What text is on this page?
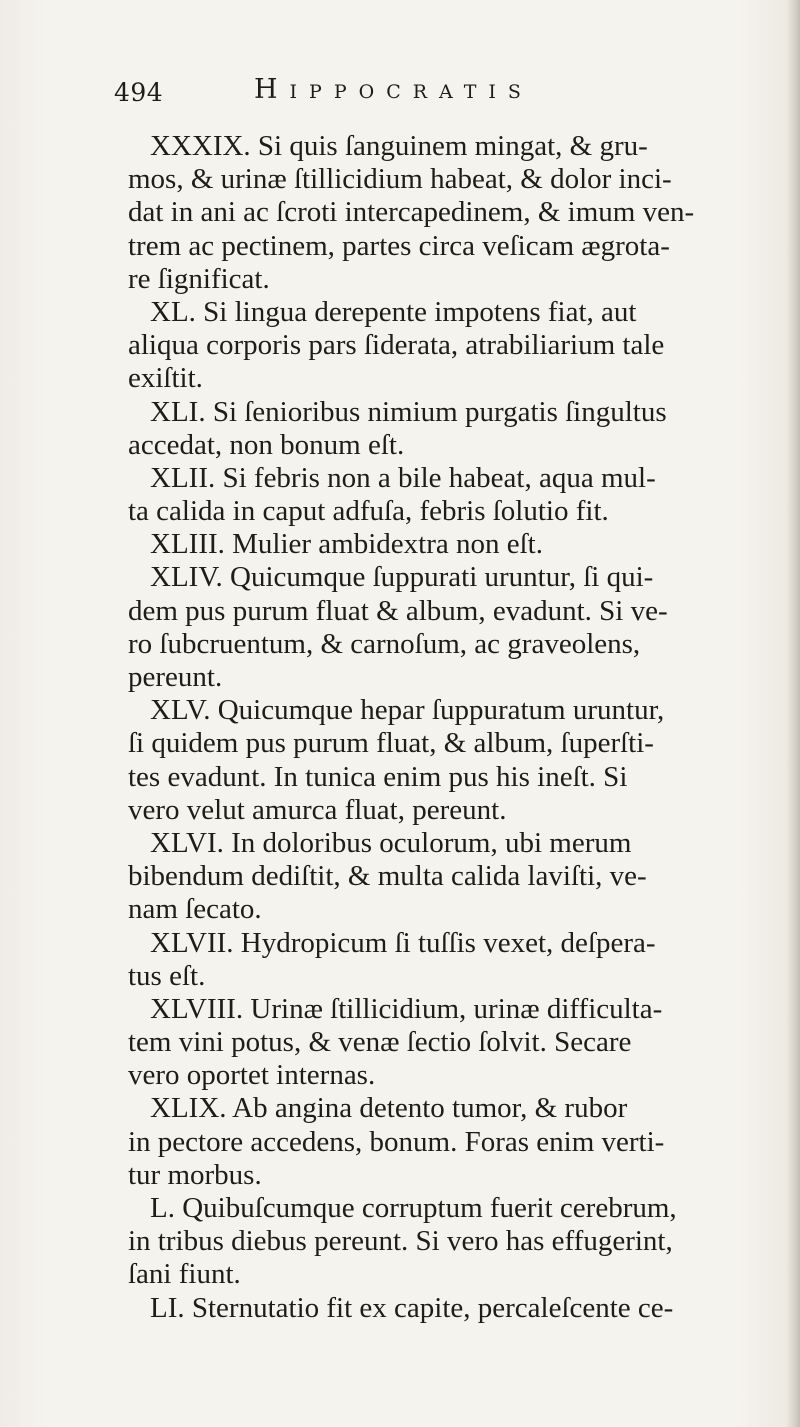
494	Hippocratis
XXXIX. Si quis ſanguinem mingat, & gru-
mos, & urinæ ſtillicidium habeat, & dolor inci-
dat in ani ac ſcroti intercapedinem, & imum ven-
trem ac pectinem, partes circa veſicam ægrota-
re ſignificat.
XL. Si lingua derepente impotens fiat, aut
aliqua corporis pars ſiderata, atrabiliarium tale
exiſtit.
XLI. Si ſenioribus nimium purgatis ſingultus
accedat, non bonum eſt.
XLII. Si febris non a bile habeat, aqua mul-
ta calida in caput adfuſa, febris ſolutio fit.
XLIII. Mulier ambidextra non eſt.
XLIV. Quicumque ſuppurati uruntur, ſi qui-
dem pus purum fluat & album, evadunt. Si ve-
ro ſubcruentum, & carnoſum, ac graveolens,
pereunt.
XLV. Quicumque hepar ſuppuratum uruntur,
ſi quidem pus purum fluat, & album, ſuperſti-
tes evadunt. In tunica enim pus his ineſt. Si
vero velut amurca fluat, pereunt.
XLVI. In doloribus oculorum, ubi merum
bibendum dediſtit, & multa calida laviſti, ve-
nam ſecato.
XLVII. Hydropicum ſi tuſſis vexet, deſpera-
tus eſt.
XLVIII. Urinæ ſtillicidium, urinæ difficulta-
tem vini potus, & venæ ſectio ſolvit. Secare
vero oportet internas.
XLIX. Ab angina detento tumor, & rubor
in pectore accedens, bonum. Foras enim verti-
tur morbus.
L. Quibuſcumque corruptum fuerit cerebrum,
in tribus diebus pereunt. Si vero has effugerint,
ſani fiunt.
LI. Sternutatio fit ex capite, percaleſcente ce-
